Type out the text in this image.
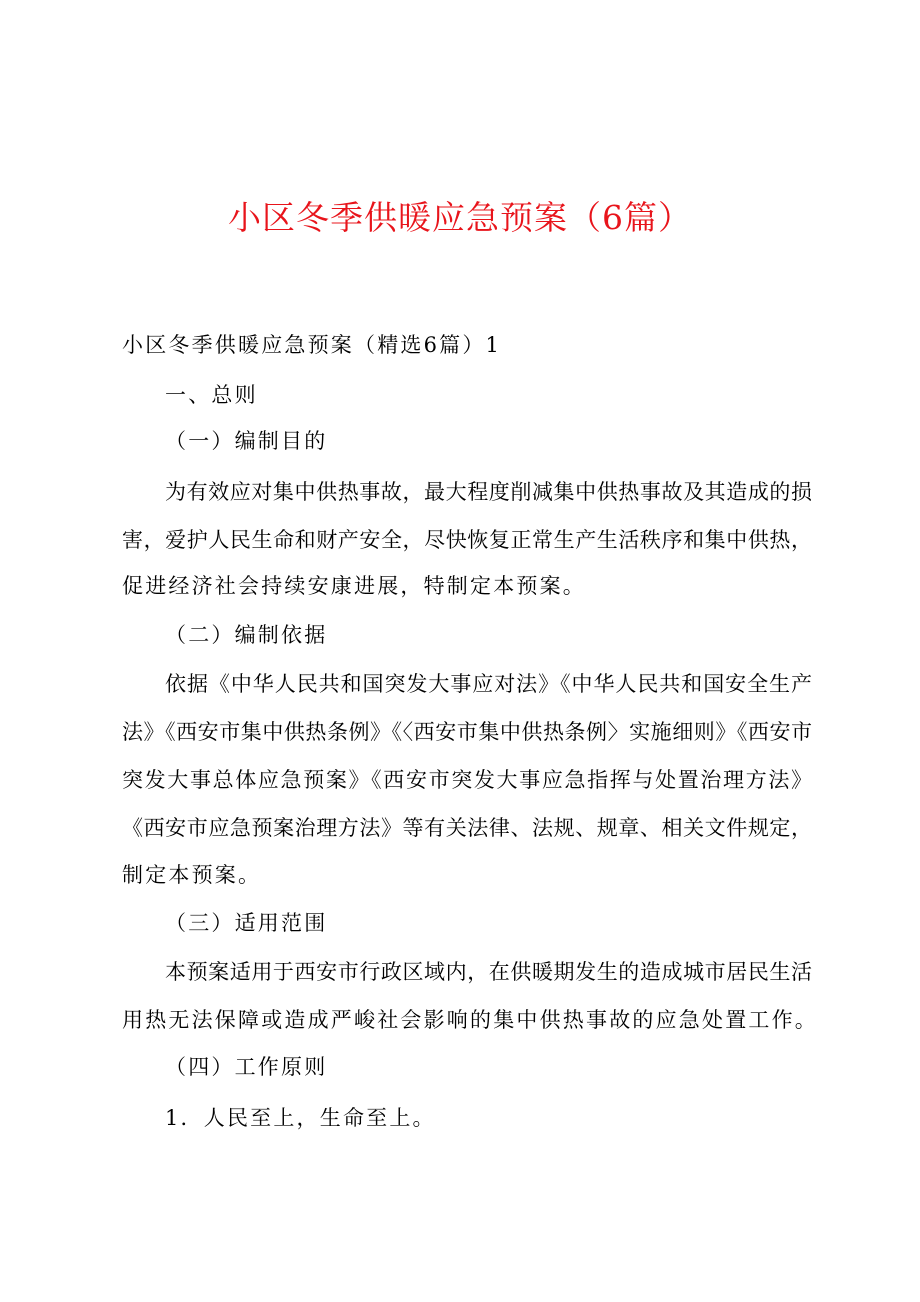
小区冬季供暖应急预案（6篇）
小区冬季供暖应急预案（精选6篇）1
一、总则
（一）编制目的
为有效应对集中供热事故，最大程度削减集中供热事故及其造成的损
害，爱护人民生命和财产安全，尽快恢复正常生产生活秩序和集中供热，
促进经济社会持续安康进展，特制定本预案。
（二）编制依据
依据《中华人民共和国突发大事应对法》《中华人民共和国安全生产
法》《西安市集中供热条例》《〈西安市集中供热条例〉实施细则》《西安市
突发大事总体应急预案》《西安市突发大事应急指挥与处置治理方法》
《西安市应急预案治理方法》等有关法律、法规、规章、相关文件规定，
制定本预案。
（三）适用范围
本预案适用于西安市行政区域内，在供暖期发生的造成城市居民生活
用热无法保障或造成严峻社会影响的集中供热事故的应急处置工作。
（四）工作原则
1．人民至上，生命至上。
